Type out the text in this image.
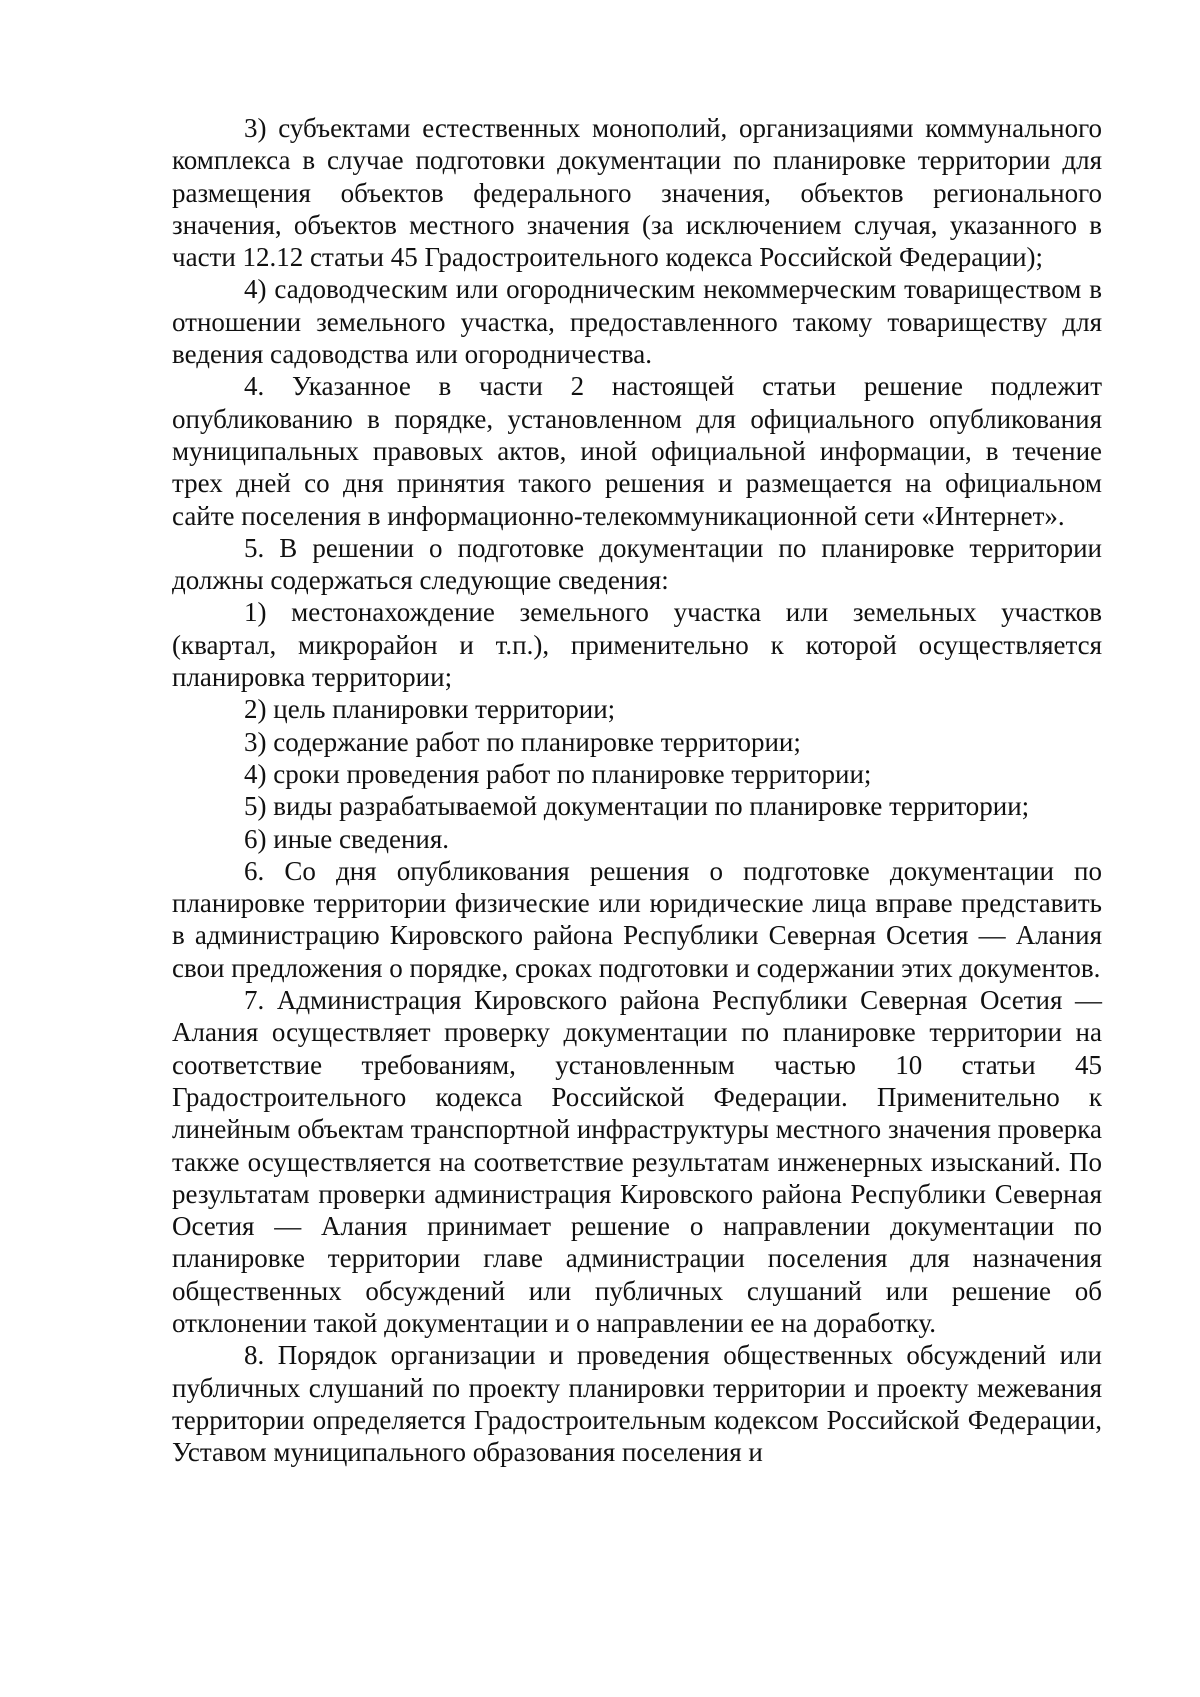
3) субъектами естественных монополий, организациями коммунального комплекса в случае подготовки документации по планировке территории для размещения объектов федерального значения, объектов регионального значения, объектов местного значения (за исключением случая, указанного в части 12.12 статьи 45 Градостроительного кодекса Российской Федерации);

4) садоводческим или огородническим некоммерческим товариществом в отношении земельного участка, предоставленного такому товариществу для ведения садоводства или огородничества.

4. Указанное в части 2 настоящей статьи решение подлежит опубликованию в порядке, установленном для официального опубликования муниципальных правовых актов, иной официальной информации, в течение трех дней со дня принятия такого решения и размещается на официальном сайте поселения в информационно-телекоммуникационной сети «Интернет».

5. В решении о подготовке документации по планировке территории должны содержаться следующие сведения:

1) местонахождение земельного участка или земельных участков (квартал, микрорайон и т.п.), применительно к которой осуществляется планировка территории;

2) цель планировки территории;

3) содержание работ по планировке территории;

4) сроки проведения работ по планировке территории;

5) виды разрабатываемой документации по планировке территории;

6) иные сведения.

6. Со дня опубликования решения о подготовке документации по планировке территории физические или юридические лица вправе представить в администрацию Кировского района Республики Северная Осетия — Алания свои предложения о порядке, сроках подготовки и содержании этих документов.

7. Администрация Кировского района Республики Северная Осетия — Алания осуществляет проверку документации по планировке территории на соответствие требованиям, установленным частью 10 статьи 45 Градостроительного кодекса Российской Федерации. Применительно к линейным объектам транспортной инфраструктуры местного значения проверка также осуществляется на соответствие результатам инженерных изысканий. По результатам проверки администрация Кировского района Республики Северная Осетия — Алания принимает решение о направлении документации по планировке территории главе администрации поселения для назначения общественных обсуждений или публичных слушаний или решение об отклонении такой документации и о направлении ее на доработку.

8. Порядок организации и проведения общественных обсуждений или публичных слушаний по проекту планировки территории и проекту межевания территории определяется Градостроительным кодексом Российской Федерации, Уставом муниципального образования поселения и
